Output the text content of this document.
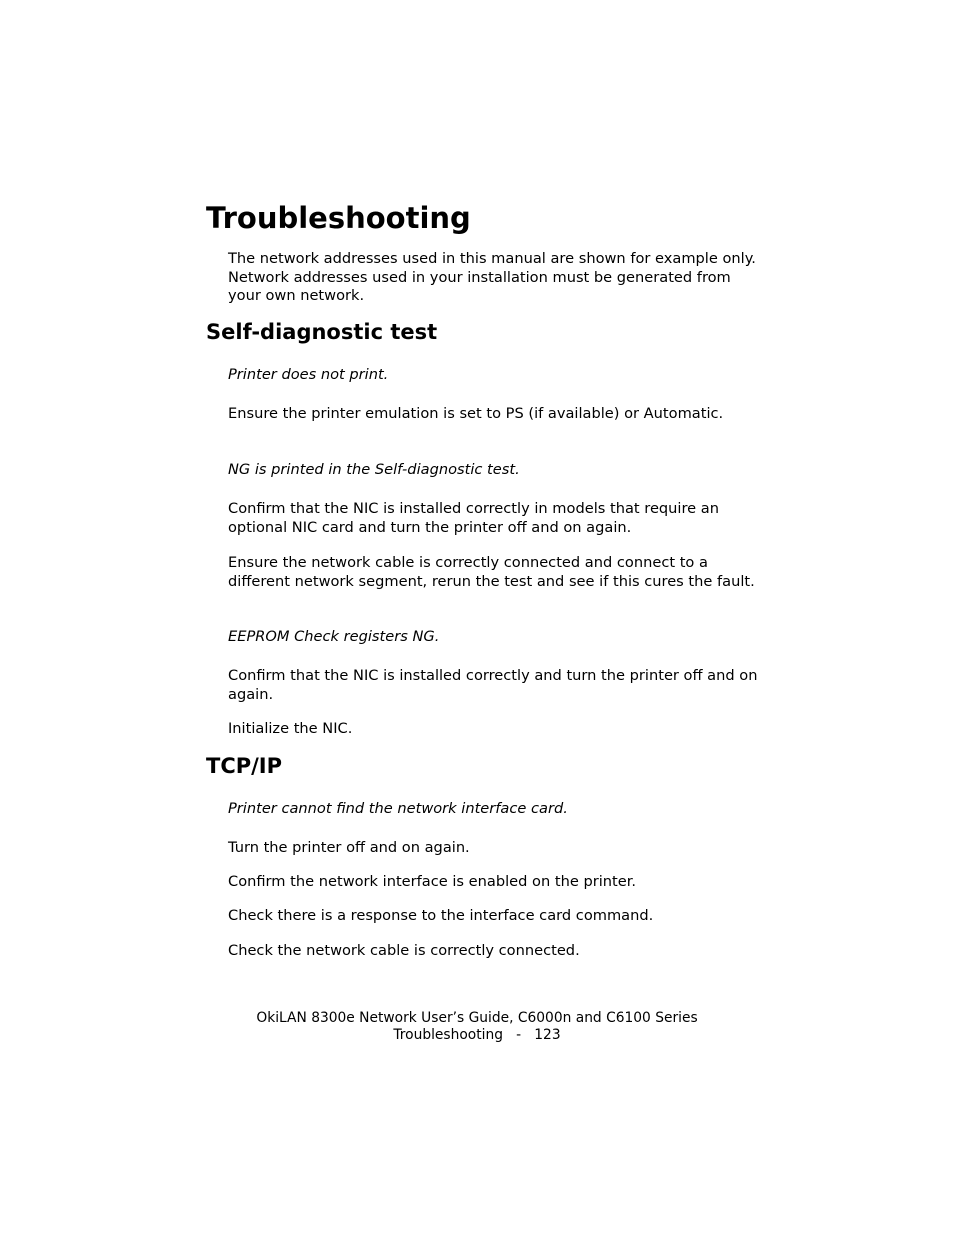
Troubleshooting

The network addresses used in this manual are shown for example only. Network addresses used in your installation must be generated from your own network.

Self-diagnostic test

Printer does not print.

Ensure the printer emulation is set to PS (if available) or Automatic.

NG is printed in the Self-diagnostic test.

Confirm that the NIC is installed correctly in models that require an optional NIC card and turn the printer off and on again.

Ensure the network cable is correctly connected and connect to a different network segment, rerun the test and see if this cures the fault.

EEPROM Check registers NG.

Confirm that the NIC is installed correctly and turn the printer off and on again.

Initialize the NIC.

TCP/IP

Printer cannot find the network interface card.

Turn the printer off and on again.

Confirm the network interface is enabled on the printer.

Check there is a response to the interface card command.

Check the network cable is correctly connected.

OkiLAN 8300e Network User’s Guide, C6000n and C6100 Series

Troubleshooting   -   123
